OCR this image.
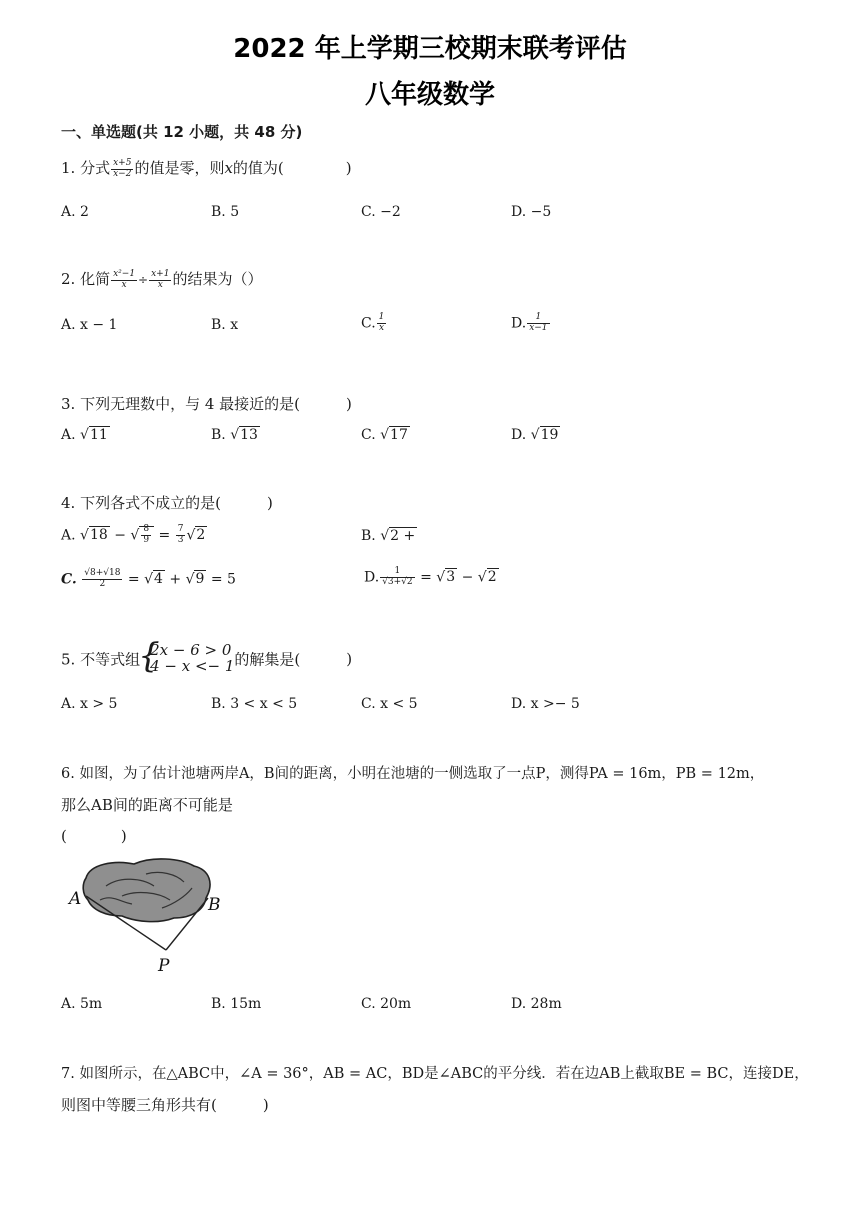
2022 年上学期三校期末联考评估
八年级数学
一、单选题(共 12 小题，共 48 分)
1. 分式 $\frac{x+5}{x-2}$ 的值是零，则x的值为(	)
A. 2	B. 5	C. −2	D. −5
2. 化简 $\frac{\text{x²−1}}{x} \div \frac{x+1}{x}$ 的结果为（）
A. x − 1	B. x	C. $\frac{1}{x}$	D. $\frac{1}{x-1}$
3. 下列无理数中，与 4 最接近的是(	)
A. √11	B. √13	C. √17	D. √19
4. 下列各式不成立的是(	)
A. √18 − √ $\frac{8}{9} = \frac{7}{3} √2$	B. √2 +
C. $\frac{√8+√18}{2} = √4 + √9 = 5$	D. $\frac{1}{√3+√2} = √3 - √2$
5. 不等式组
{
2x − 6 > 0
4 − x <− 1 的解集是(	)
A. x > 5	B. 3 < x < 5	C. x < 5	D. x >− 5
6. 如图，为了估计池塘两岸A，B间的距离，小明在池塘的一侧选取了一点P，测得PA = 16m，PB = 12m，
那么AB间的距离不可能是
(	)
A	B
P
A. 5m	B. 15m	C. 20m	D. 28m
7. 如图所示，在△ABC中，∠A = 36°，AB = AC，BD是∠ABC的平分线．若在边AB上截取BE = BC，连接DE，
则图中等腰三角形共有(	)
